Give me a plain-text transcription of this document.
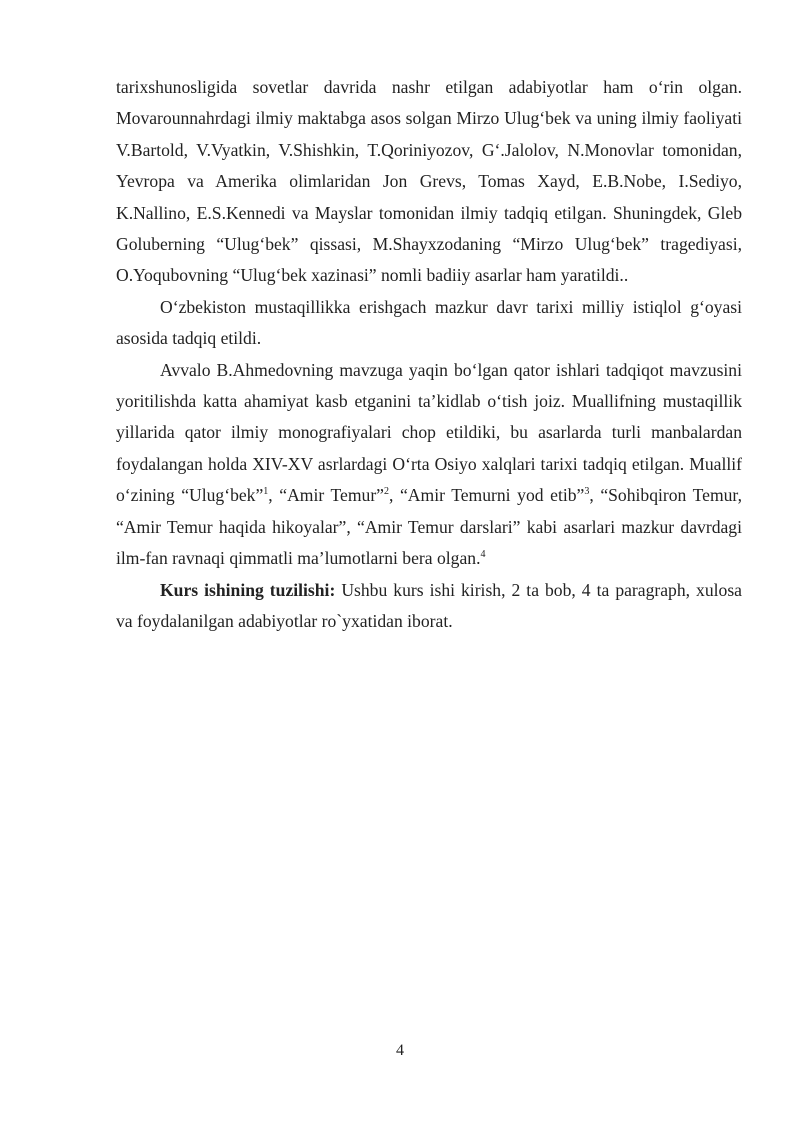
tarixshunosligida sovetlar davrida nashr etilgan adabiyotlar ham o‘rin olgan. Movarounnahrdagi ilmiy maktabga asos solgan Mirzo Ulug‘bek va uning ilmiy faoliyati V.Bartold, V.Vyatkin, V.Shishkin, T.Qoriniyozov, G‘.Jalolov, N.Monovlar tomonidan, Yevropa va Amerika olimlaridan Jon Grevs, Tomas Xayd, E.B.Nobe, I.Sediyo, K.Nallino, E.S.Kennedi va Mayslar tomonidan ilmiy tadqiq etilgan. Shuningdek, Gleb Goluberning “Ulug‘bek” qissasi, M.Shayxzodaning “Mirzo Ulug‘bek” tragediyasi, O.Yoqubovning “Ulug‘bek xazinasi” nomli badiiy asarlar ham yaratildi..

O‘zbekiston mustaqillikka erishgach mazkur davr tarixi milliy istiqlol g‘oyasi asosida tadqiq etildi.

Avvalo B.Ahmedovning mavzuga yaqin bo‘lgan qator ishlari tadqiqot mavzusini yoritilishda katta ahamiyat kasb etganini ta’kidlab o‘tish joiz. Muallifning mustaqillik yillarida qator ilmiy monografiyalari chop etildiki, bu asarlarda turli manbalardan foydalangan holda XIV-XV asrlardagi O‘rta Osiyo xalqlari tarixi tadqiq etilgan. Muallif o‘zining “Ulug‘bek”$^1$, “Amir Temur”$^2$, “Amir Temurni yod etib”$^3$, “Sohibqiron Temur, “Amir Temur haqida hikoyalar”, “Amir Temur darslari” kabi asarlari mazkur davrdagi ilm-fan ravnaqi qimmatli ma’lumotlarni bera olgan.$^4$

Kurs ishining tuzilishi: Ushbu kurs ishi kirish, 2 ta bob, 4 ta paragraph, xulosa va foydalanilgan adabiyotlar ro`yxatidan iborat.

4
